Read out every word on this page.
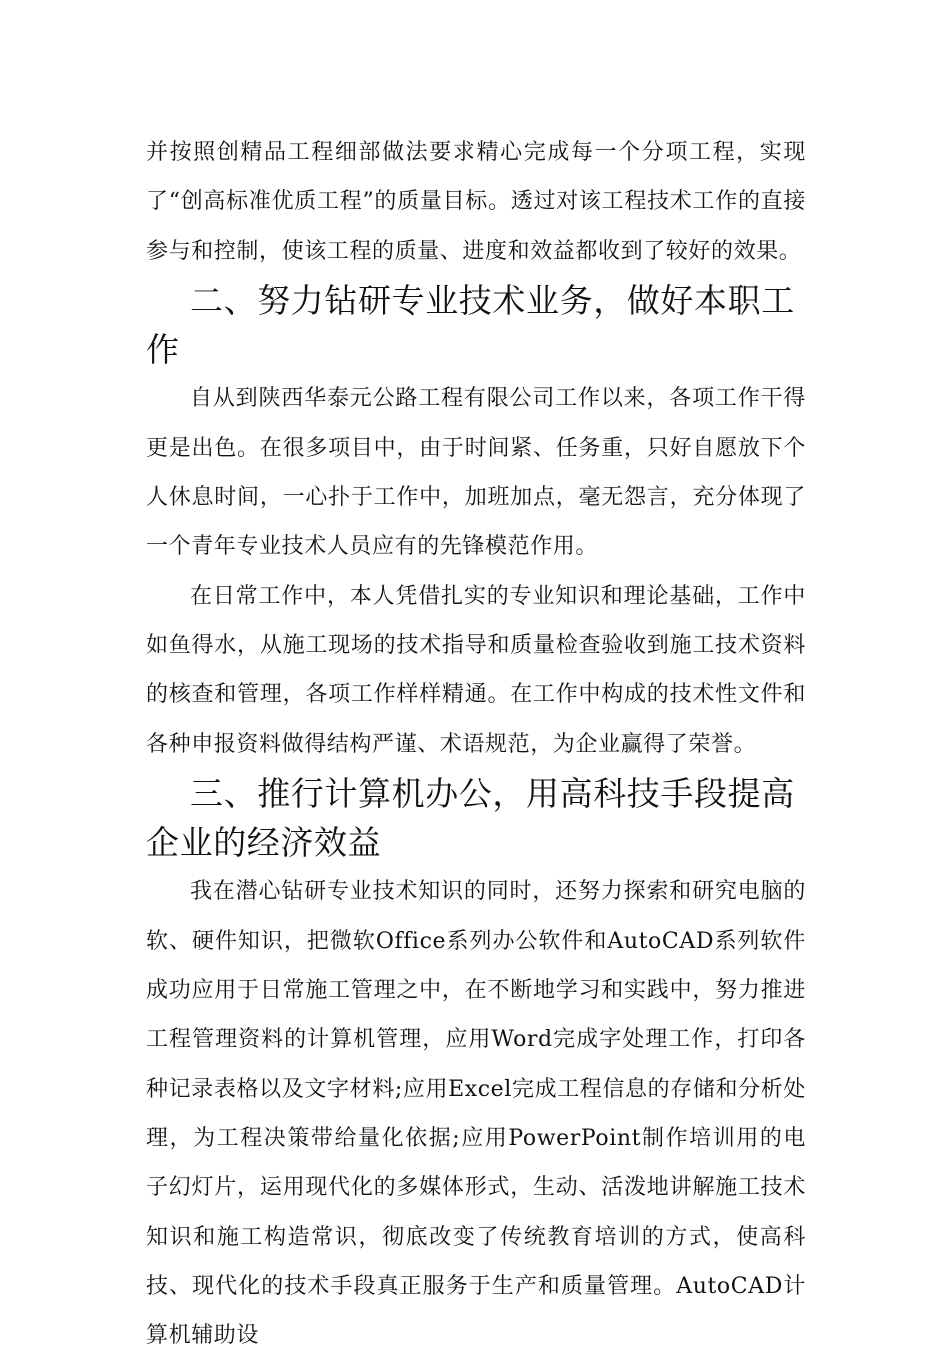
并按照创精品工程细部做法要求精心完成每一个分项工程，实现了“创高标准优质工程”的质量目标。透过对该工程技术工作的直接参与和控制，使该工程的质量、进度和效益都收到了较好的效果。

二、努力钻研专业技术业务，做好本职工作

自从到陕西华泰元公路工程有限公司工作以来，各项工作干得更是出色。在很多项目中，由于时间紧、任务重，只好自愿放下个人休息时间，一心扑于工作中，加班加点，毫无怨言，充分体现了一个青年专业技术人员应有的先锋模范作用。

在日常工作中，本人凭借扎实的专业知识和理论基础，工作中如鱼得水，从施工现场的技术指导和质量检查验收到施工技术资料的核查和管理，各项工作样样精通。在工作中构成的技术性文件和各种申报资料做得结构严谨、术语规范，为企业赢得了荣誉。

三、推行计算机办公，用高科技手段提高企业的经济效益

我在潜心钻研专业技术知识的同时，还努力探索和研究电脑的软、硬件知识，把微软Office系列办公软件和AutoCAD系列软件成功应用于日常施工管理之中，在不断地学习和实践中，努力推进工程管理资料的计算机管理，应用Word完成字处理工作，打印各种记录表格以及文字材料;应用Excel完成工程信息的存储和分析处理，为工程决策带给量化依据;应用PowerPoint制作培训用的电子幻灯片，运用现代化的多媒体形式，生动、活泼地讲解施工技术知识和施工构造常识，彻底改变了传统教育培训的方式，使高科技、现代化的技术手段真正服务于生产和质量管理。AutoCAD计算机辅助设
